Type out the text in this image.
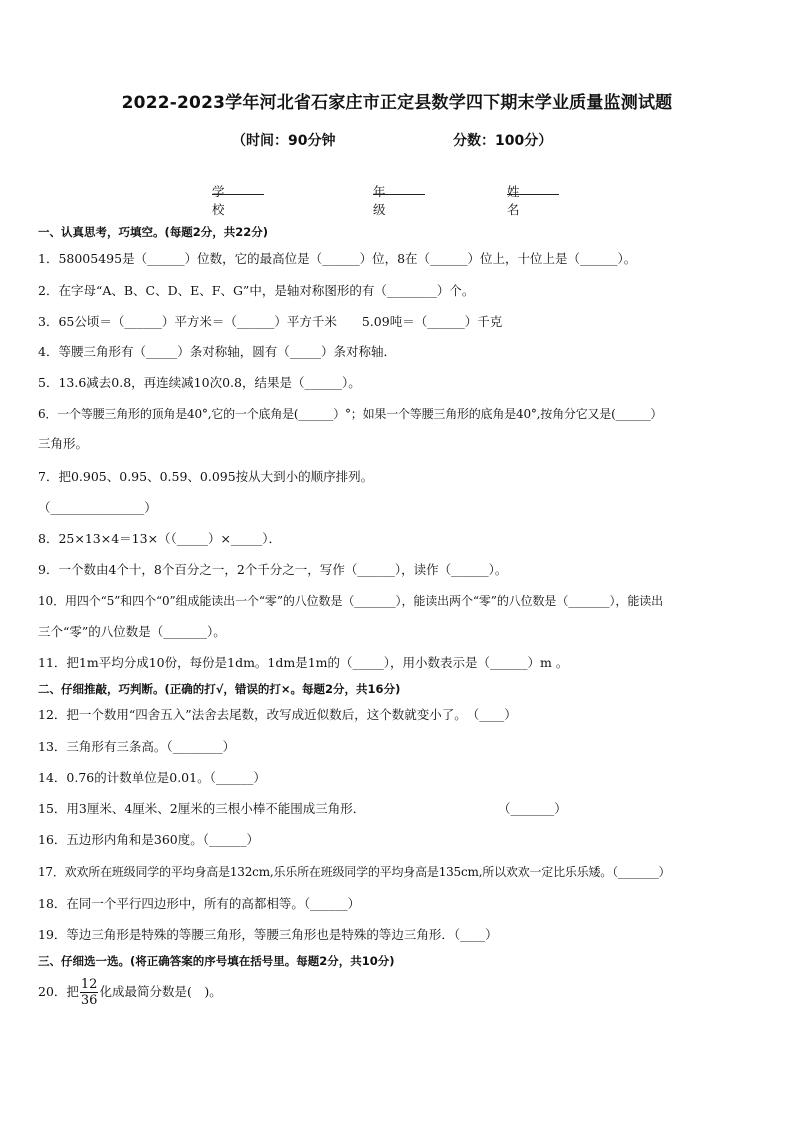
2022-2023学年河北省石家庄市正定县数学四下期末学业质量监测试题
（时间：90分钟	分数：100分）
学校
年级
姓名
一、认真思考，巧填空。(每题2分，共22分)
1．58005495是（______）位数，它的最高位是（______）位，8在（______）位上，十位上是（______）。
2．在字母“A、B、C、D、E、F、G”中，是轴对称图形的有（________）个。
3．65公顷＝（______）平方米＝（______）平方千米　　5.09吨＝（______）千克
4．等腰三角形有（_____）条对称轴，圆有（_____）条对称轴．
5．13.6减去0.8，再连续减10次0.8，结果是（______）。
6．一个等腰三角形的顶角是40°,它的一个底角是(______）°；如果一个等腰三角形的底角是40°,按角分它又是(______）
三角形。
7．把0.905、0.95、0.59、0.095按从大到小的顺序排列。
（_______________）
8．25×13×4＝13×（（_____）×_____）．
9．一个数由4个十，8个百分之一，2个千分之一，写作（______），读作（______）。
10．用四个“5”和四个“0”组成能读出一个“零”的八位数是（_______），能读出两个“零”的八位数是（_______），能读出
三个“零”的八位数是（_______）。
11．把1m平均分成10份，每份是1dm。1dm是1m的（_____），用小数表示是（______）m 。
二、仔细推敲，巧判断。(正确的打√，错误的打×。每题2分，共16分)
12．把一个数用“四舍五入”法舍去尾数，改写成近似数后，这个数就变小了。　（____）
13．三角形有三条高。（________）
14．0.76的计数单位是0.01。（______）
15．用3厘米、4厘米、2厘米的三根小棒不能围成三角形．	（_______）
16．五边形内角和是360度。（______）
17．欢欢所在班级同学的平均身高是132cm,乐乐所在班级同学的平均身高是135cm,所以欢欢一定比乐乐矮。（_______）
18．在同一个平行四边形中，所有的高都相等。（______）
19．等边三角形是特殊的等腰三角形，等腰三角形也是特殊的等边三角形．（____）
三、仔细选一选。(将正确答案的序号填在括号里。每题2分，共10分)
20．把 $\frac{12}{36}$ 化成最简分数是(　)。
